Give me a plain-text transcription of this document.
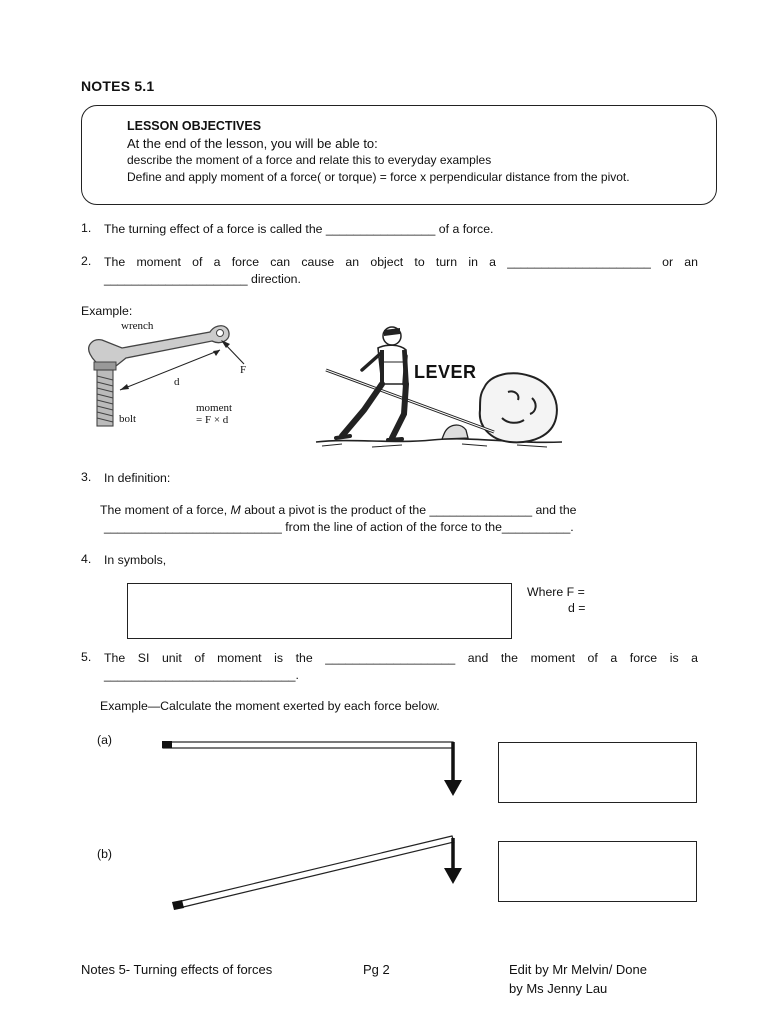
NOTES 5.1
LESSON OBJECTIVES
At the end of the lesson, you will be able to:
describe the moment of a force and relate this to everyday examples
Define and apply moment of a force( or torque) = force x perpendicular distance from the pivot.
1. The turning effect of a force is called the ________________ of a force.
2. The moment of a force can cause an object to turn in a _____________________ or an
_____________________ direction.
Example:
wrench
d
F
bolt
moment
= F × d
LEVER
3. In definition:
The moment of a force, M about a pivot is the product of the _______________ and the
__________________________ from the line of action of the force to the__________.
4. In symbols,
Where F =
d =
5. The SI unit of moment is the ___________________ and the moment of a force is a
____________________________.
Example—Calculate the moment exerted by each force below.
(a)
(b)
Notes 5- Turning effects of forces	Pg 2	Edit by Mr Melvin/ Done
by Ms Jenny Lau
